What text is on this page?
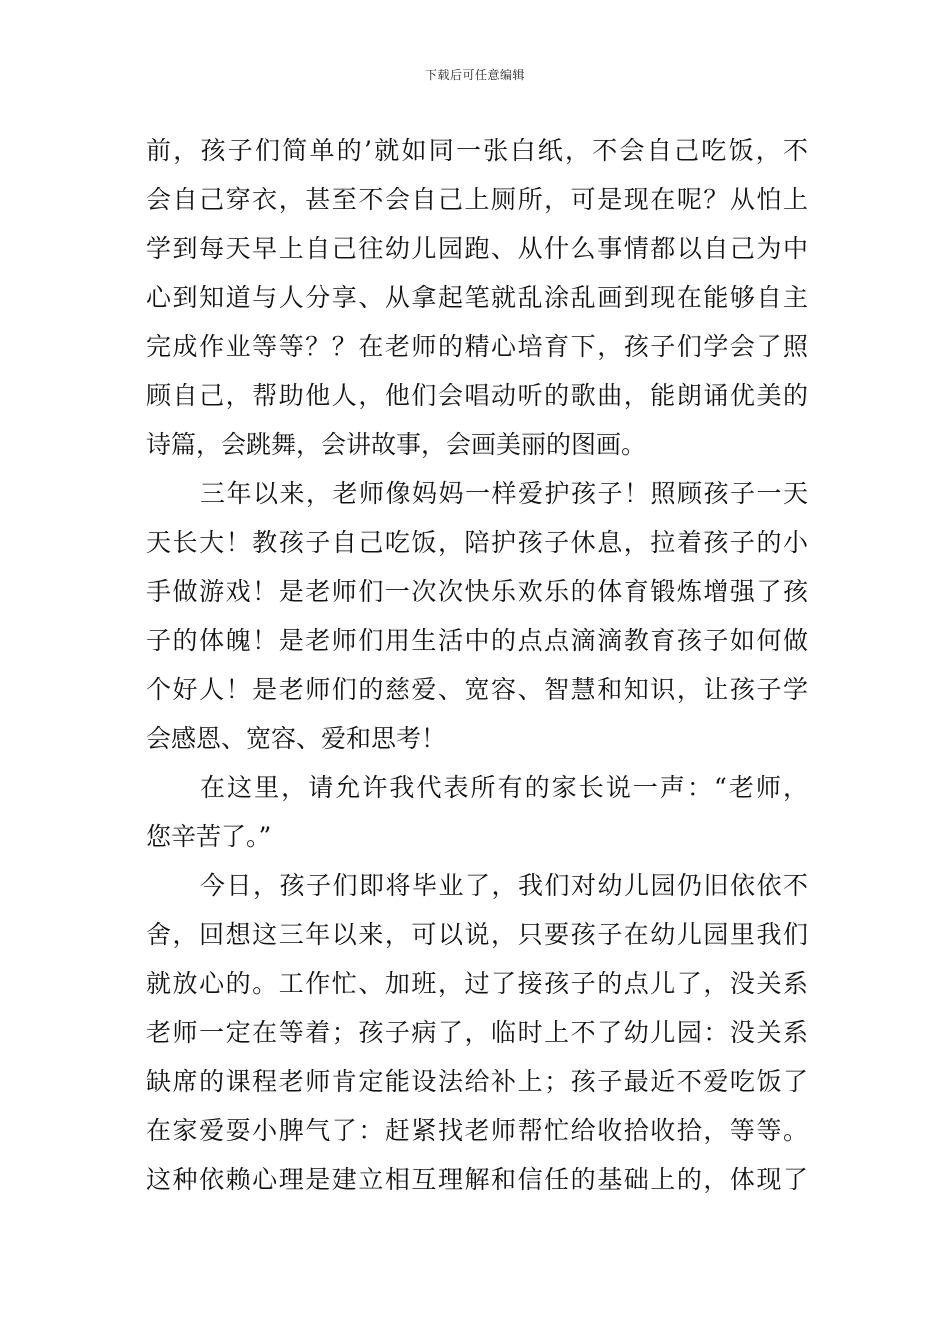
下载后可任意编辑
前，孩子们简单的’就如同一张白纸，不会自己吃饭，不
会自己穿衣，甚至不会自己上厕所，可是现在呢？从怕上
学到每天早上自己往幼儿园跑、从什么事情都以自己为中
心到知道与人分享、从拿起笔就乱涂乱画到现在能够自主
完成作业等等？？在老师的精心培育下，孩子们学会了照
顾自己，帮助他人，他们会唱动听的歌曲，能朗诵优美的
诗篇，会跳舞，会讲故事，会画美丽的图画。
三年以来，老师像妈妈一样爱护孩子！照顾孩子一天
天长大！教孩子自己吃饭，陪护孩子休息，拉着孩子的小
手做游戏！是老师们一次次快乐欢乐的体育锻炼增强了孩
子的体魄！是老师们用生活中的点点滴滴教育孩子如何做
个好人！是老师们的慈爱、宽容、智慧和知识，让孩子学
会感恩、宽容、爱和思考！
在这里，请允许我代表所有的家长说一声：“老师，
您辛苦了。”
今日，孩子们即将毕业了，我们对幼儿园仍旧依依不
舍，回想这三年以来，可以说，只要孩子在幼儿园里我们
就放心的。工作忙、加班，过了接孩子的点儿了，没关系
老师一定在等着；孩子病了，临时上不了幼儿园：没关系
缺席的课程老师肯定能设法给补上；孩子最近不爱吃饭了
在家爱耍小脾气了：赶紧找老师帮忙给收拾收拾，等等。
这种依赖心理是建立相互理解和信任的基础上的，体现了
